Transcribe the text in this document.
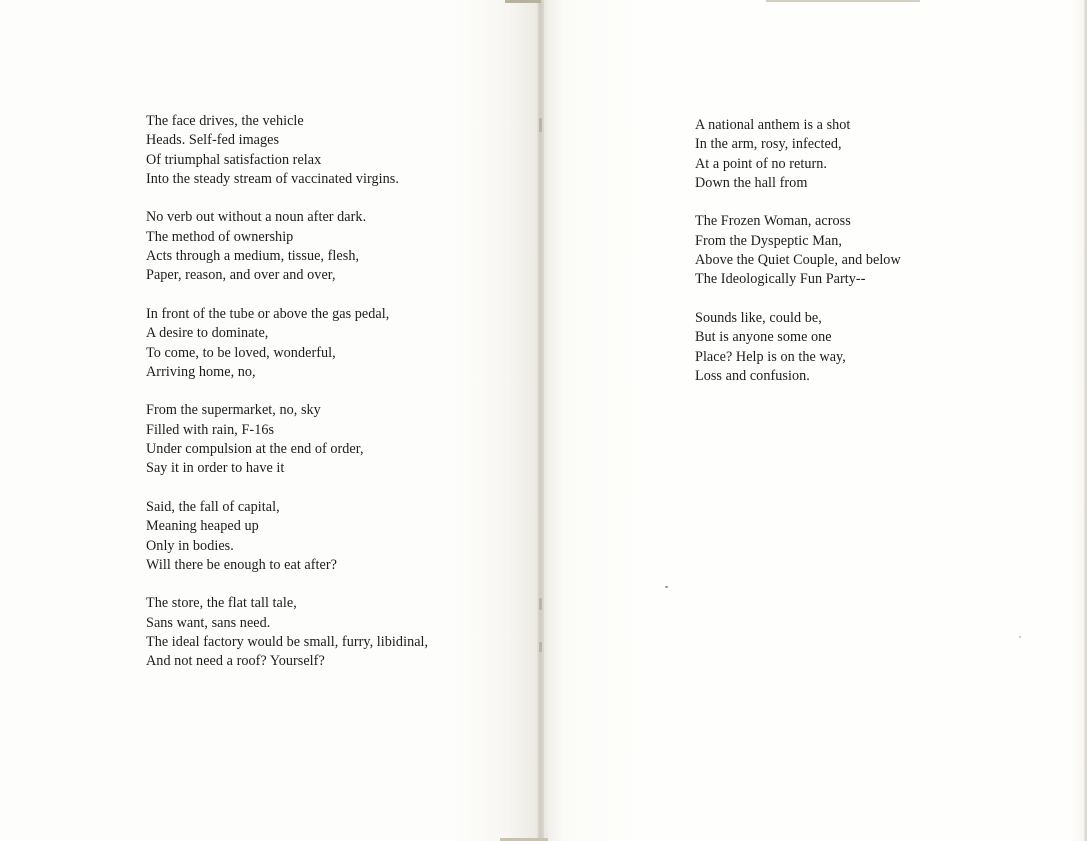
The face drives, the vehicle
Heads. Self-fed images
Of triumphal satisfaction relax
Into the steady stream of vaccinated virgins.
No verb out without a noun after dark.
The method of ownership
Acts through a medium, tissue, flesh,
Paper, reason, and over and over,
In front of the tube or above the gas pedal,
A desire to dominate,
To come, to be loved, wonderful,
Arriving home, no,
From the supermarket, no, sky
Filled with rain, F-16s
Under compulsion at the end of order,
Say it in order to have it
Said, the fall of capital,
Meaning heaped up
Only in bodies.
Will there be enough to eat after?
The store, the flat tall tale,
Sans want, sans need.
The ideal factory would be small, furry, libidinal,
And not need a roof? Yourself?
A national anthem is a shot
In the arm, rosy, infected,
At a point of no return.
Down the hall from
The Frozen Woman, across
From the Dyspeptic Man,
Above the Quiet Couple, and below
The Ideologically Fun Party--
Sounds like, could be,
But is anyone some one
Place? Help is on the way,
Loss and confusion.
